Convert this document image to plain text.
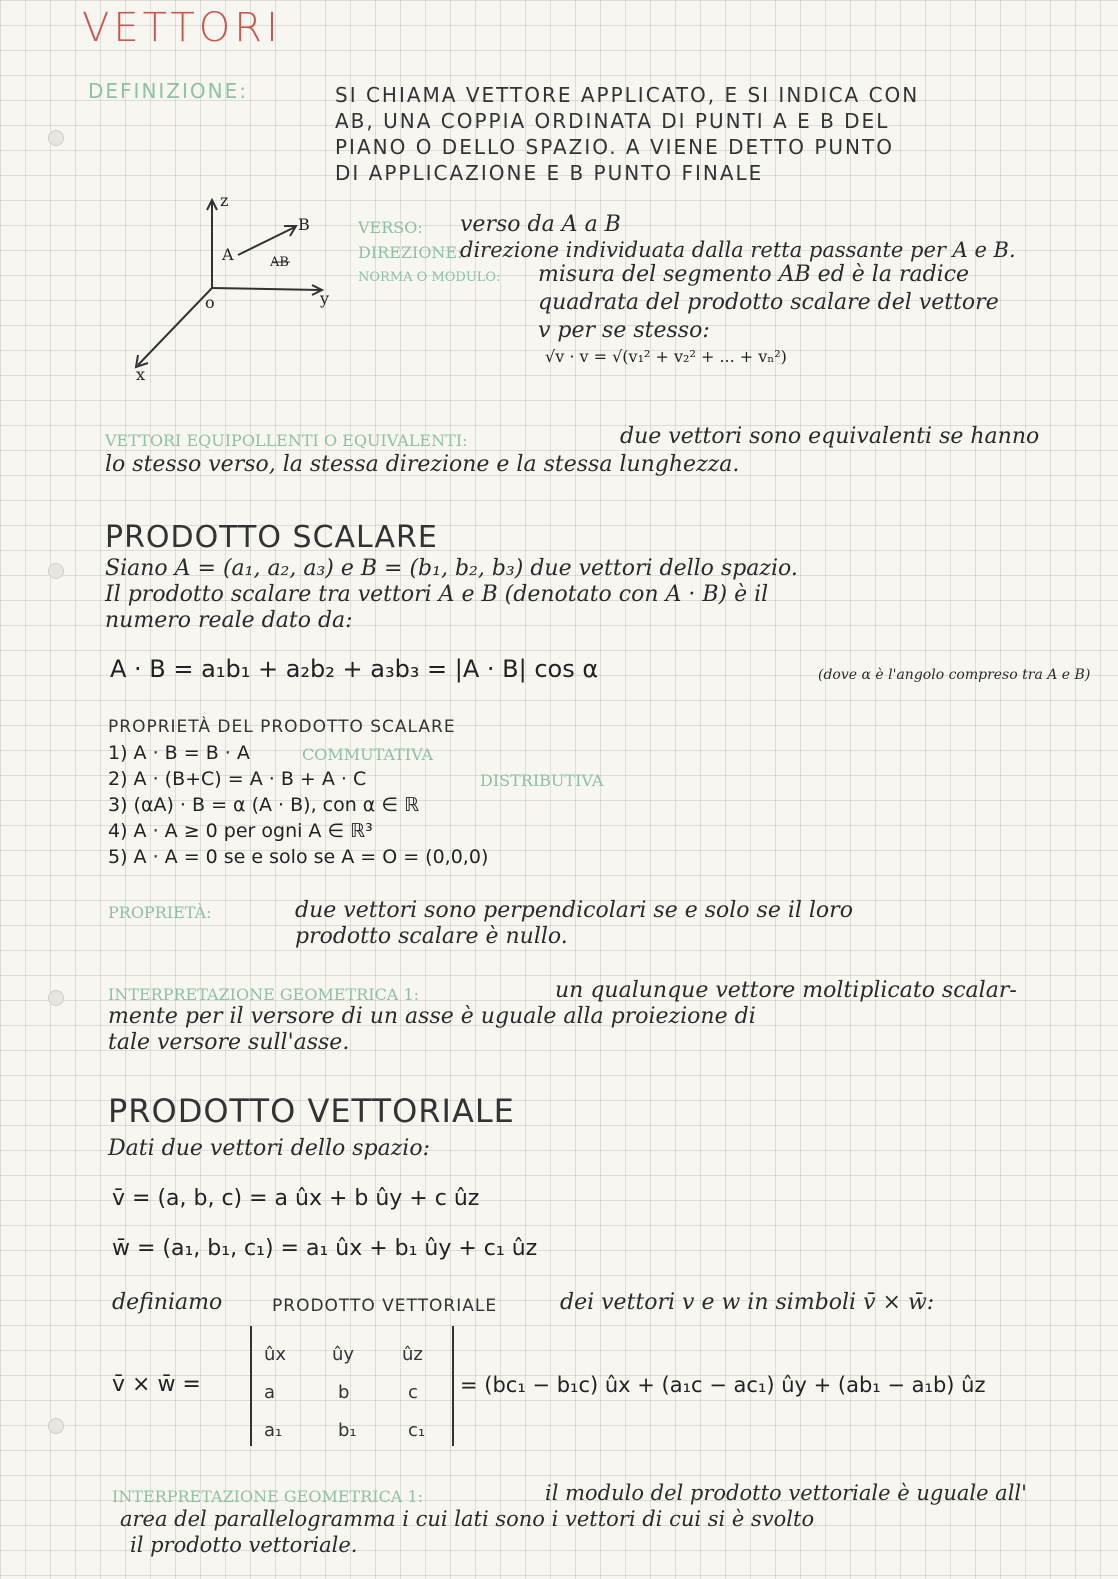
VETTORI
DEFINIZIONE:	SI CHIAMA VETTORE APPLICATO, E SI INDICA CON
AB, UNA COPPIA ORDINATA DI PUNTI A E B DEL
PIANO O DELLO SPAZIO. A VIENE DETTO PUNTO
DI APPLICAZIONE E B PUNTO FINALE
z
y
x
o
A
B
AB
VERSO: verso da A a B
DIREZIONE:
direzione individuata dalla retta passante per A e B.
NORMA O MODULO: misura del segmento AB ed è la radice
quadrata del prodotto scalare del vettore
v per se stesso:
√v · v = √(v₁² + v₂² + ... + vₙ²)
VETTORI EQUIPOLLENTI O EQUIVALENTI:	due vettori sono equivalenti se hanno
lo stesso verso, la stessa direzione e la stessa lunghezza.
PRODOTTO SCALARE
Siano A = (a₁, a₂, a₃) e B = (b₁, b₂, b₃) due vettori dello spazio.
Il prodotto scalare tra vettori A e B (denotato con A · B) è il
numero reale dato da:
A · B = a₁b₁ + a₂b₂ + a₃b₃ = |A · B| cos α	(dove α è l'angolo compreso tra A e B)
PROPRIETÀ DEL PRODOTTO SCALARE
1) A · B = B · A	COMMUTATIVA
2) A · (B+C) = A · B + A · C	DISTRIBUTIVA
3) (αA) · B = α (A · B), con α ∈ ℝ
4) A · A ≥ 0 per ogni A ∈ ℝ³
5) A · A = 0 se e solo se A = O = (0,0,0)
PROPRIETÀ:	due vettori sono perpendicolari se e solo se il loro
prodotto scalare è nullo.
INTERPRETAZIONE GEOMETRICA 1:	un qualunque vettore moltiplicato scalar-
mente per il versore di un asse è uguale alla proiezione di
tale versore sull'asse.
PRODOTTO VETTORIALE
Dati due vettori dello spazio:
v̄ = (a, b, c) = a ûx + b ûy + c ûz
w̄ = (a₁, b₁, c₁) = a₁ ûx + b₁ ûy + c₁ ûz
definiamo	PRODOTTO VETTORIALE	dei vettori v e w in simboli v̄ × w̄:
v̄ × w̄ =
ûx	ûy	ûz
a	b	c
a₁	b₁	c₁
= (bc₁ − b₁c) ûx + (a₁c − ac₁) ûy + (ab₁ − a₁b) ûz
INTERPRETAZIONE GEOMETRICA 1:	il modulo del prodotto vettoriale è uguale all'
area del parallelogramma i cui lati sono i vettori di cui si è svolto
il prodotto vettoriale.
